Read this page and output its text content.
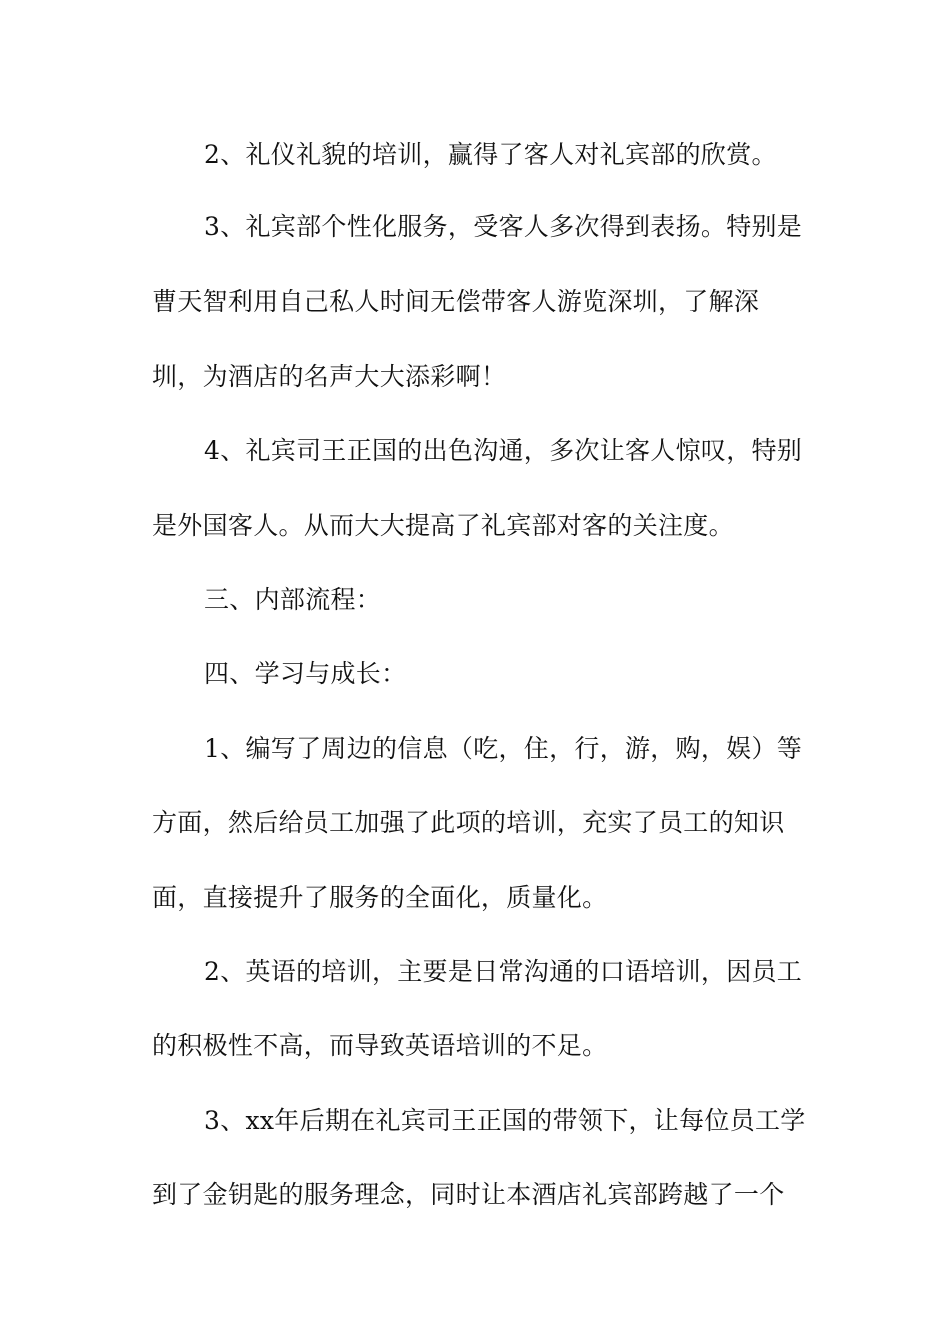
2、礼仪礼貌的培训，赢得了客人对礼宾部的欣赏。
3、礼宾部个性化服务，受客人多次得到表扬。特别是
曹天智利用自己私人时间无偿带客人游览深圳，了解深
圳，为酒店的名声大大添彩啊！
4、礼宾司王正国的出色沟通，多次让客人惊叹，特别
是外国客人。从而大大提高了礼宾部对客的关注度。
三、内部流程：
四、学习与成长：
1、编写了周边的信息（吃，住，行，游，购，娱）等
方面，然后给员工加强了此项的培训，充实了员工的知识
面，直接提升了服务的全面化，质量化。
2、英语的培训，主要是日常沟通的口语培训，因员工
的积极性不高，而导致英语培训的不足。
3、xx年后期在礼宾司王正国的带领下，让每位员工学
到了金钥匙的服务理念，同时让本酒店礼宾部跨越了一个
